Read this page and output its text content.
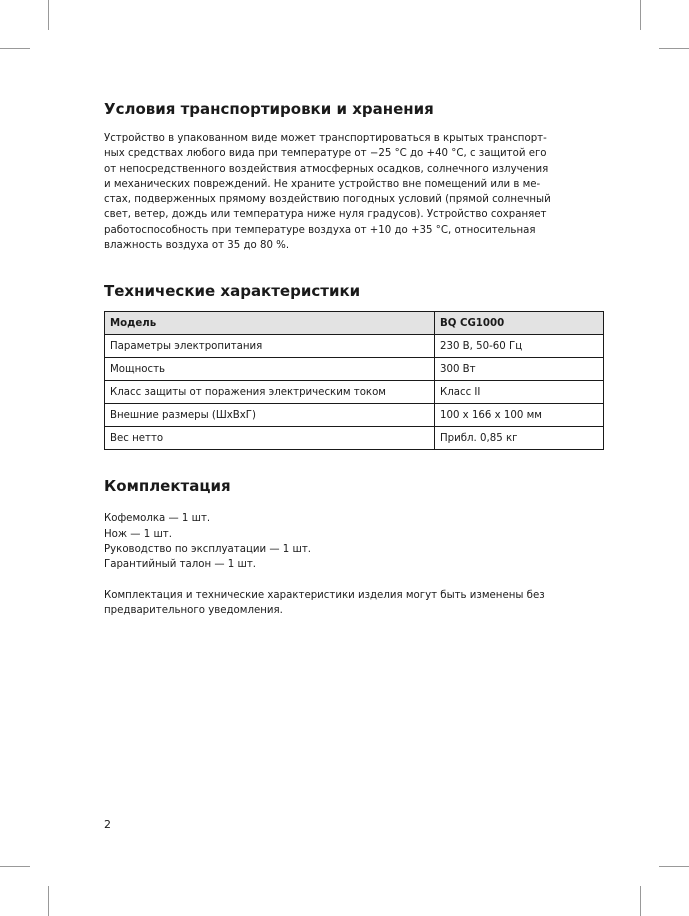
Условия транспортировки и хранения

Устройство в упакованном виде может транспортироваться в крытых транспорт-
ных средствах любого вида при температуре от −25 °С до +40 °С, с защитой его
от непосредственного воздействия атмосферных осадков, солнечного излучения
и механических повреждений. Не храните устройство вне помещений или в ме-
стах, подверженных прямому воздействию погодных условий (прямой солнечный
свет, ветер, дождь или температура ниже нуля градусов). Устройство сохраняет
работоспособность при температуре воздуха от +10 до +35 °С, относительная
влажность воздуха от 35 до 80 %.

Технические характеристики
Модель	BQ CG1000
Параметры электропитания	230 В, 50-60 Гц
Мощность	300 Вт
Класс защиты от поражения электрическим током	Класс II
Внешние размеры (ШхВхГ)	100 х 166 х 100 мм
Вес нетто	Прибл. 0,85 кг
Комплектация
Кофемолка — 1 шт.
Нож — 1 шт.
Руководство по эксплуатации — 1 шт.
Гарантийный талон — 1 шт.

Комплектация и технические характеристики изделия могут быть изменены без
предварительного уведомления.

2
